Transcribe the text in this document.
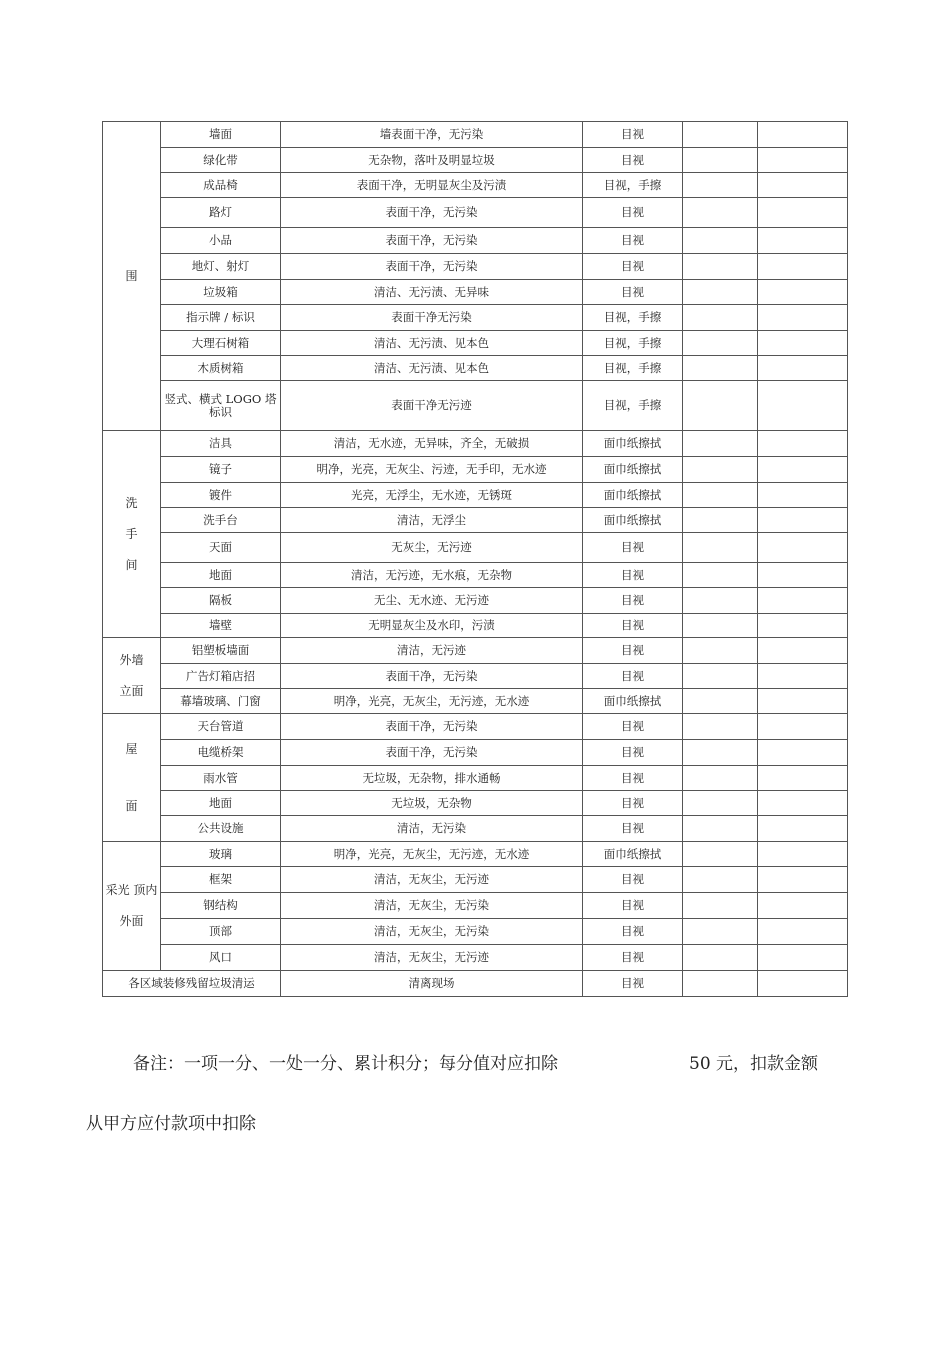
围	墙面	墙表面干净，无污染	目视		
	绿化带	无杂物，落叶及明显垃圾	目视		
	成品椅	表面干净，无明显灰尘及污渍	目视，手擦		
	路灯	表面干净，无污染	目视		
	小品	表面干净，无污染	目视		
	地灯、射灯	表面干净，无污染	目视		
	垃圾箱	清洁、无污渍、无异味	目视		
	指示牌 / 标识	表面干净无污染	目视，手擦		
	大理石树箱	清洁、无污渍、见本色	目视，手擦		
	木质树箱	清洁、无污渍、见本色	目视，手擦		
	竖式、横式 LOGO 塔标识	表面干净无污迹	目视，手擦		

洗
手
间	洁具	清洁，无水迹，无异味，齐全，无破损	面巾纸擦拭		
	镜子	明净，光亮，无灰尘、污迹，无手印，无水迹	面巾纸擦拭		
	镀件	光亮，无浮尘，无水迹，无锈斑	面巾纸擦拭		
	洗手台	清洁，无浮尘	面巾纸擦拭		
	天面	无灰尘，无污迹	目视		
	地面	清洁，无污迹，无水痕，无杂物	目视		
	隔板	无尘、无水迹、无污迹	目视		
	墙壁	无明显灰尘及水印，污渍	目视		

外墙
立面	铝塑板墙面	清洁，无污迹	目视		
	广告灯箱店招	表面干净，无污染	目视		
	幕墙玻璃、门窗	明净，光亮，无灰尘，无污迹，无水迹	面巾纸擦拭		

屋
面	天台管道	表面干净，无污染	目视		
	电缆桥架	表面干净，无污染	目视		
	雨水管	无垃圾，无杂物，排水通畅	目视		
	地面	无垃圾，无杂物	目视		
	公共设施	清洁，无污染	目视		

采光 顶内
外面	玻璃	明净，光亮，无灰尘，无污迹，无水迹	面巾纸擦拭		
	框架	清洁，无灰尘，无污迹	目视		
	钢结构	清洁，无灰尘，无污染	目视		
	顶部	清洁，无灰尘，无污染	目视		
	风口	清洁，无灰尘，无污迹	目视		
各区域装修残留垃圾清运		清离现场	目视		
备注：一项一分、一处一分、累计积分；每分值对应扣除	50 元，扣款金额
从甲方应付款项中扣除
